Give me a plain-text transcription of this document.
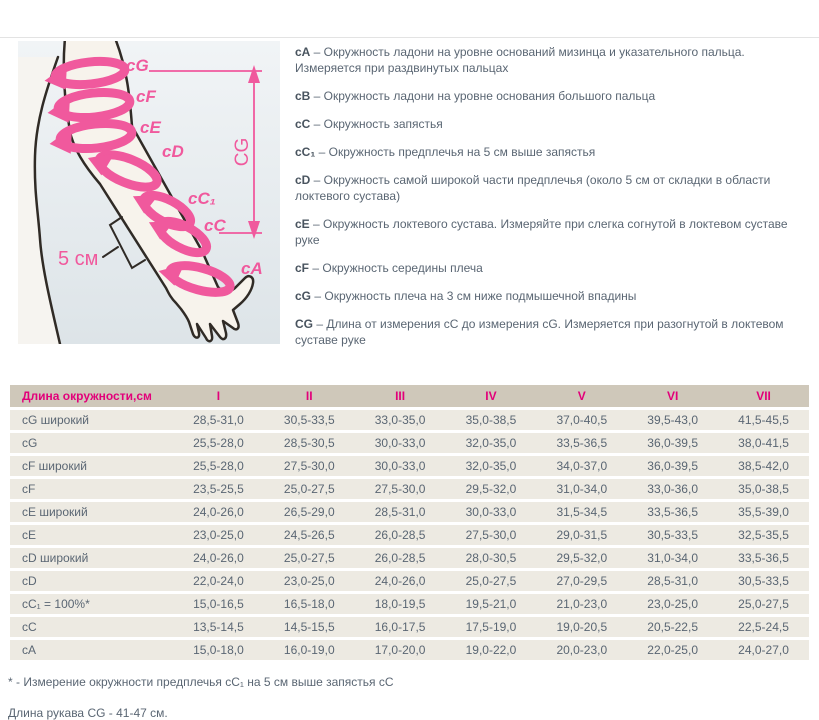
cG
cF
cE
cD
cC₁
cC
cA
5 см
CG

cA – Окружность ладони на уровне оснований мизинца и указательного пальца. Измеряется при раздвинутых пальцах

cB – Окружность ладони на уровне основания большого пальца

cC – Окружность запястья

cC₁ – Окружность предплечья на 5 см выше запястья

cD – Окружность самой широкой части предплечья (около 5 см от складки в области локтевого сустава)

cE – Окружность локтевого сустава. Измеряйте при слегка согнутой в локтевом суставе руке

cF – Окружность середины плеча

cG – Окружность плеча на 3 см ниже подмышечной впадины

CG – Длина от измерения cC до измерения cG. Измеряется при разогнутой в локтевом суставе руке

Длина окружности,см	I	II	III	IV	V	VI	VII
cG широкий	28,5-31,0	30,5-33,5	33,0-35,0	35,0-38,5	37,0-40,5	39,5-43,0	41,5-45,5
cG	25,5-28,0	28,5-30,5	30,0-33,0	32,0-35,0	33,5-36,5	36,0-39,5	38,0-41,5
cF широкий	25,5-28,0	27,5-30,0	30,0-33,0	32,0-35,0	34,0-37,0	36,0-39,5	38,5-42,0
cF	23,5-25,5	25,0-27,5	27,5-30,0	29,5-32,0	31,0-34,0	33,0-36,0	35,0-38,5
cE широкий	24,0-26,0	26,5-29,0	28,5-31,0	30,0-33,0	31,5-34,5	33,5-36,5	35,5-39,0
cE	23,0-25,0	24,5-26,5	26,0-28,5	27,5-30,0	29,0-31,5	30,5-33,5	32,5-35,5
cD широкий	24,0-26,0	25,0-27,5	26,0-28,5	28,0-30,5	29,5-32,0	31,0-34,0	33,5-36,5
cD	22,0-24,0	23,0-25,0	24,0-26,0	25,0-27,5	27,0-29,5	28,5-31,0	30,5-33,5
cC₁ = 100%*	15,0-16,5	16,5-18,0	18,0-19,5	19,5-21,0	21,0-23,0	23,0-25,0	25,0-27,5
cC	13,5-14,5	14,5-15,5	16,0-17,5	17,5-19,0	19,0-20,5	20,5-22,5	22,5-24,5
cA	15,0-18,0	16,0-19,0	17,0-20,0	19,0-22,0	20,0-23,0	22,0-25,0	24,0-27,0

* - Измерение окружности предплечья cC₁ на 5 см выше запястья cC

Длина рукава CG - 41-47 см.
